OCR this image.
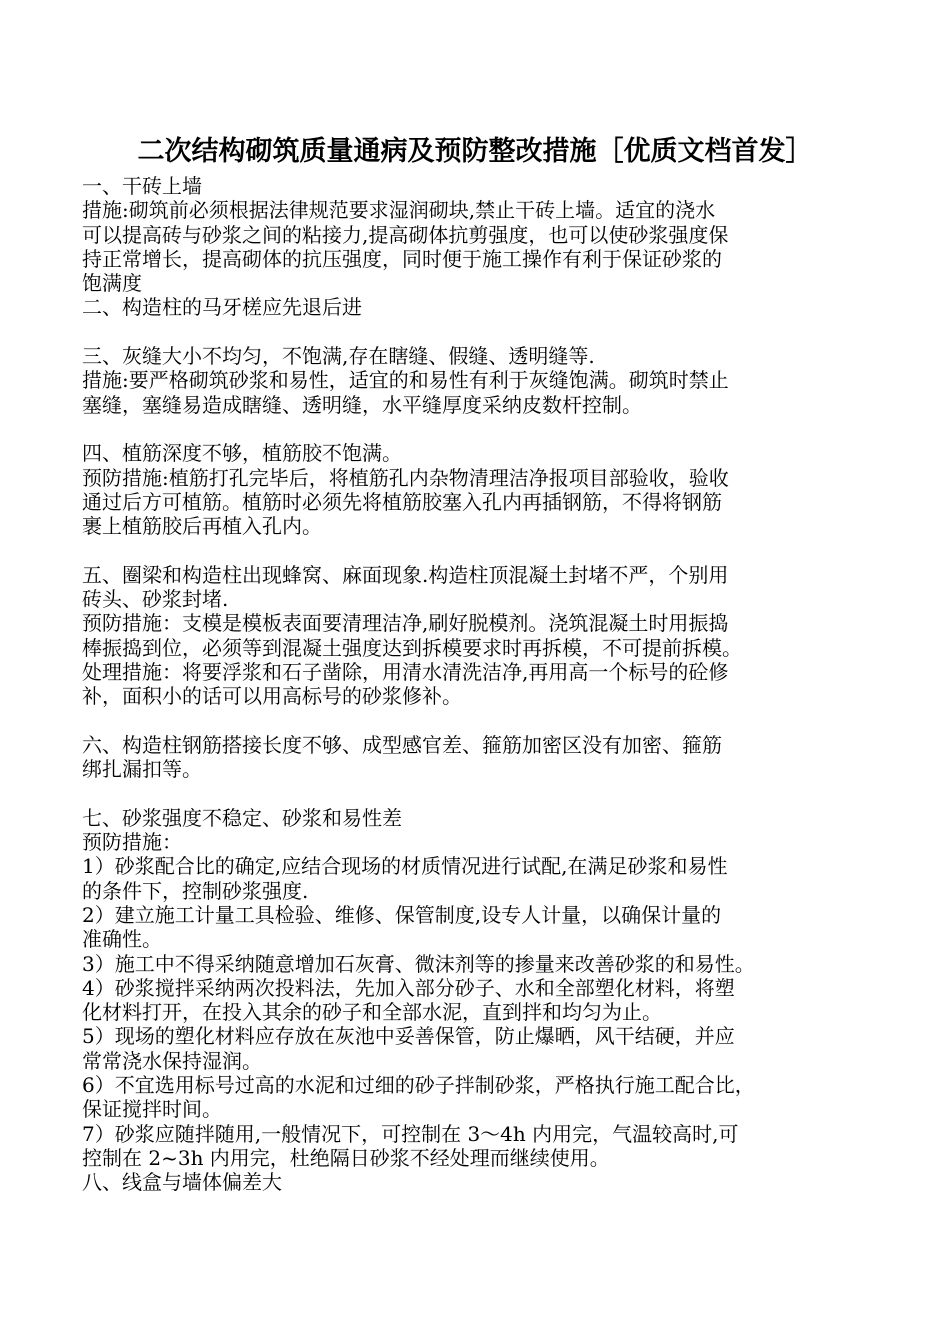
二次结构砌筑质量通病及预防整改措施［优质文档首发］
一、干砖上墙
措施:砌筑前必须根据法律规范要求湿润砌块,禁止干砖上墙。适宜的浇水
可以提高砖与砂浆之间的粘接力,提高砌体抗剪强度，也可以使砂浆强度保
持正常增长，提高砌体的抗压强度，同时便于施工操作有利于保证砂浆的
饱满度
二、构造柱的马牙槎应先退后进
三、灰缝大小不均匀，不饱满,存在瞎缝、假缝、透明缝等.
措施:要严格砌筑砂浆和易性，适宜的和易性有利于灰缝饱满。砌筑时禁止
塞缝，塞缝易造成瞎缝、透明缝，水平缝厚度采纳皮数杆控制。
四、植筋深度不够，植筋胶不饱满。
预防措施:植筋打孔完毕后，将植筋孔内杂物清理洁净报项目部验收，验收
通过后方可植筋。植筋时必须先将植筋胶塞入孔内再插钢筋，不得将钢筋
裹上植筋胶后再植入孔内。
五、圈梁和构造柱出现蜂窝、麻面现象.构造柱顶混凝土封堵不严，个别用
砖头、砂浆封堵.
预防措施：支模是模板表面要清理洁净,刷好脱模剂。浇筑混凝土时用振捣
棒振捣到位，必须等到混凝土强度达到拆模要求时再拆模，不可提前拆模。
处理措施：将要浮浆和石子凿除，用清水清洗洁净,再用高一个标号的砼修
补，面积小的话可以用高标号的砂浆修补。
六、构造柱钢筋搭接长度不够、成型感官差、箍筋加密区没有加密、箍筋
绑扎漏扣等。
七、砂浆强度不稳定、砂浆和易性差
预防措施：
1）砂浆配合比的确定,应结合现场的材质情况进行试配,在满足砂浆和易性
的条件下，控制砂浆强度.
2）建立施工计量工具检验、维修、保管制度,设专人计量，以确保计量的
准确性。
3）施工中不得采纳随意增加石灰膏、微沫剂等的掺量来改善砂浆的和易性。
4）砂浆搅拌采纳两次投料法，先加入部分砂子、水和全部塑化材料，将塑
化材料打开，在投入其余的砂子和全部水泥，直到拌和均匀为止。
5）现场的塑化材料应存放在灰池中妥善保管，防止爆晒，风干结硬，并应
常常浇水保持湿润。
6）不宜选用标号过高的水泥和过细的砂子拌制砂浆，严格执行施工配合比，
保证搅拌时间。
7）砂浆应随拌随用,一般情况下，可控制在 3～4h 内用完，气温较高时,可
控制在 2~3h 内用完，杜绝隔日砂浆不经处理而继续使用。
八、线盒与墙体偏差大
